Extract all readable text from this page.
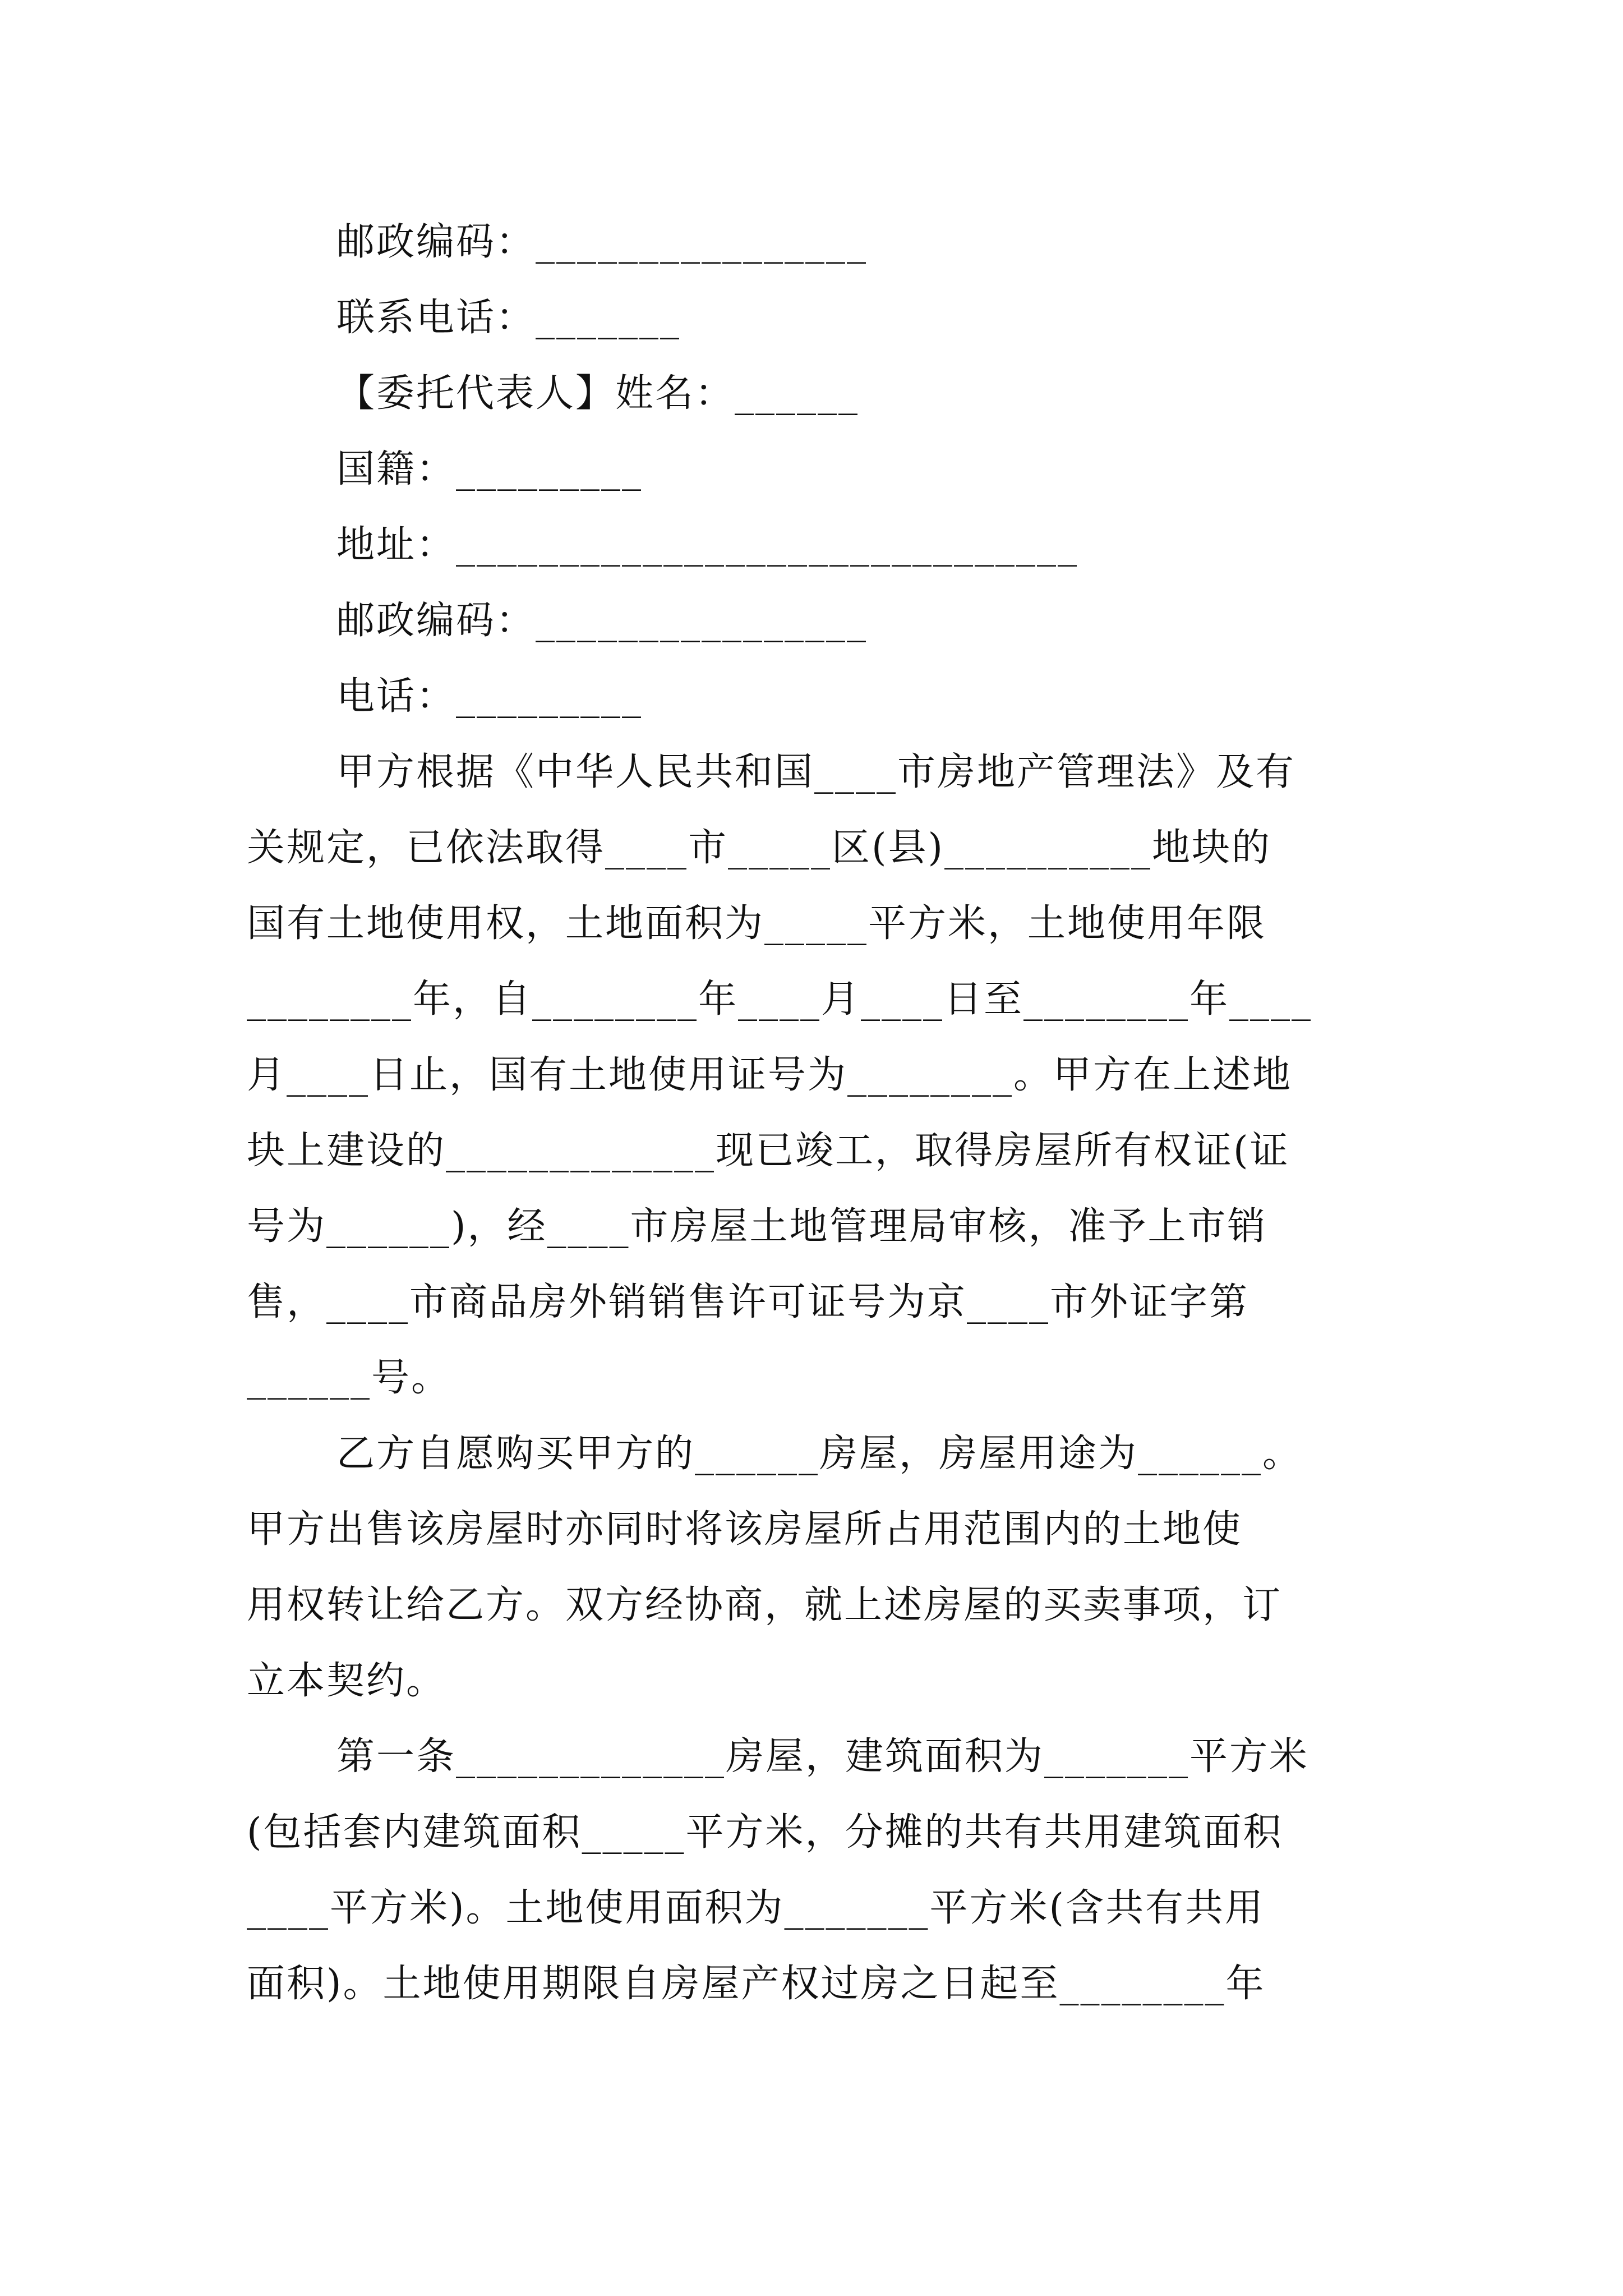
邮政编码：________________
联系电话：_______
【委托代表人】姓名：______
国籍：_________
地址：______________________________
邮政编码：________________
电话：_________
甲方根据《中华人民共和国____市房地产管理法》及有
关规定，已依法取得____市_____区(县)__________地块的
国有土地使用权，土地面积为_____平方米，土地使用年限
________年，自________年____月____日至________年____
月____日止，国有土地使用证号为________。甲方在上述地
块上建设的_____________现已竣工，取得房屋所有权证(证
号为______)，经____市房屋土地管理局审核，准予上市销
售，____市商品房外销销售许可证号为京____市外证字第
______号。
乙方自愿购买甲方的______房屋，房屋用途为______。
甲方出售该房屋时亦同时将该房屋所占用范围内的土地使
用权转让给乙方。双方经协商，就上述房屋的买卖事项，订
立本契约。
第一条_____________房屋，建筑面积为_______平方米
(包括套内建筑面积_____平方米，分摊的共有共用建筑面积
____平方米)。土地使用面积为_______平方米(含共有共用
面积)。土地使用期限自房屋产权过房之日起至________年
